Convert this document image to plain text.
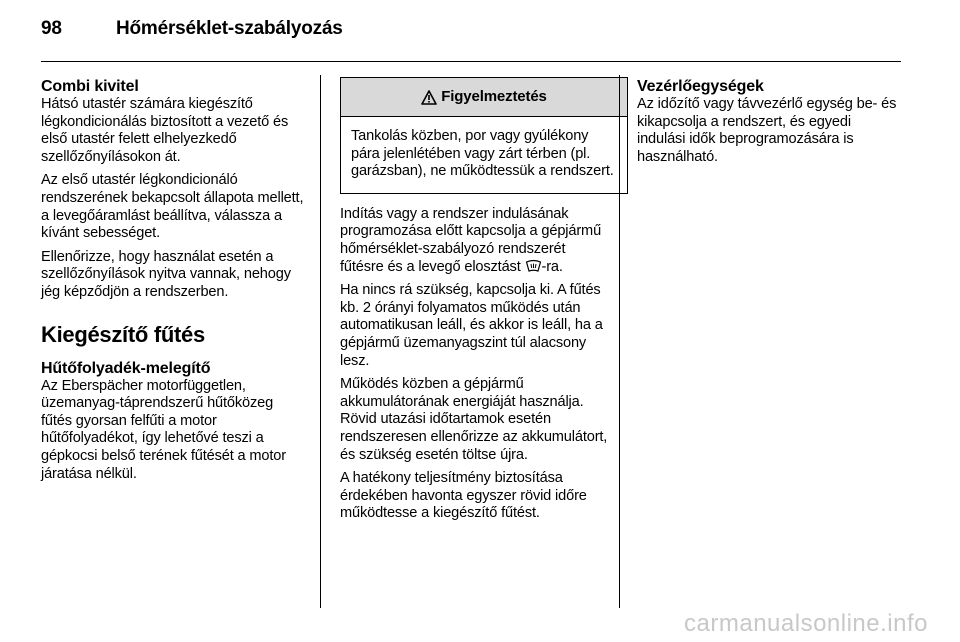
98	Hőmérséklet-szabályozás
Combi kivitel

Hátsó utastér számára kiegészítő légkondicionálás biztosított a vezető és első utastér felett elhelyezkedő szellőzőnyílásokon át.

Az első utastér légkondicionáló rendszerének bekapcsolt állapota mellett, a levegőáramlást beállítva, válassza a kívánt sebességet.

Ellenőrizze, hogy használat esetén a szellőzőnyílások nyitva vannak, nehogy jég képződjön a rendszerben.

Kiegészítő fűtés
Hűtőfolyadék-melegítő

Az Eberspächer motorfüggetlen, üzemanyag-táprendszerű hűtőközeg fűtés gyorsan felfűti a motor hűtőfolyadékot, így lehetővé teszi a gépkocsi belső terének fűtését a motor járatása nélkül.

Figyelmeztetés
Tankolás közben, por vagy gyúlékony pára jelenlétében vagy zárt térben (pl. garázsban), ne működtessük a rendszert.

Indítás vagy a rendszer indulásának programozása előtt kapcsolja a gépjármű hőmérséklet-szabályozó rendszerét fűtésre és a levegő elosztást -ra.

Ha nincs rá szükség, kapcsolja ki. A fűtés kb. 2 órányi folyamatos működés után automatikusan leáll, és akkor is leáll, ha a gépjármű üzemanyagszint túl alacsony lesz.

Működés közben a gépjármű akkumulátorának energiáját használja. Rövid utazási időtartamok esetén rendszeresen ellenőrizze az akkumulátort, és szükség esetén töltse újra.

A hatékony teljesítmény biztosítása érdekében havonta egyszer rövid időre működtesse a kiegészítő fűtést.

Vezérlőegységek

Az időzítő vagy távvezérlő egység be- és kikapcsolja a rendszert, és egyedi indulási idők beprogramozására is használható.

carmanualsonline.info
